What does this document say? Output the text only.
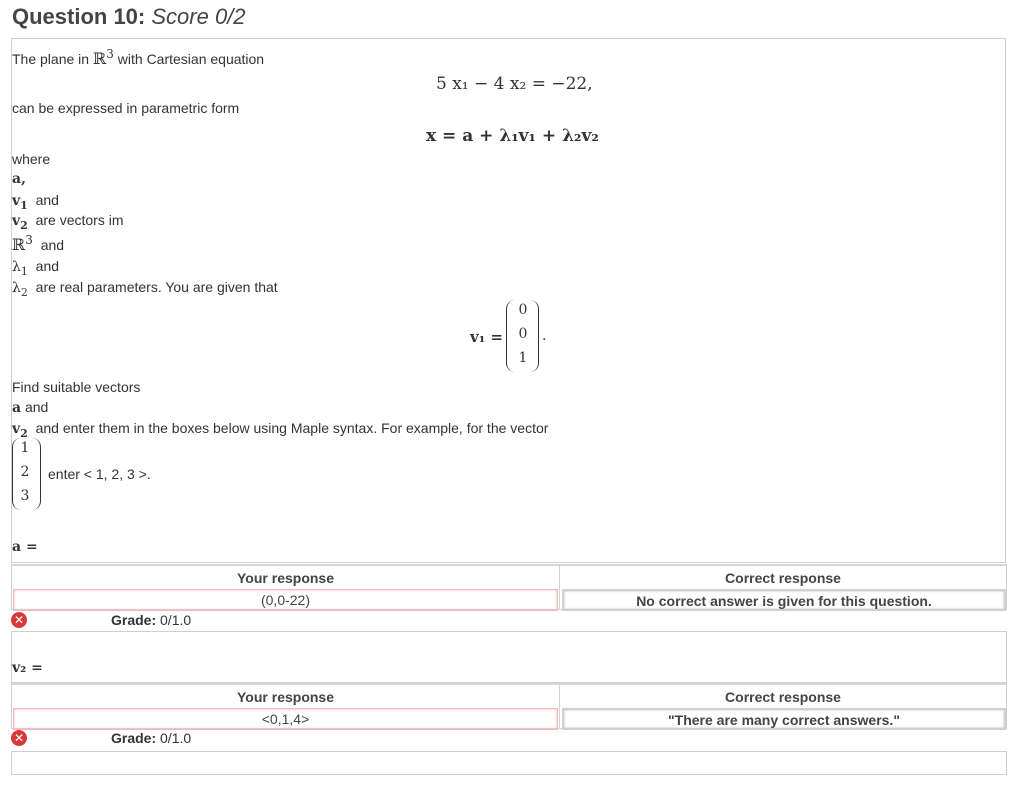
Question 10: Score 0/2
The plane in ℝ$^3$ with Cartesian equation
5 x₁ − 4 x₂ = −22,
can be expressed in parametric form
x = a + λ₁v₁ + λ₂v₂
where
a,
$v_1$ and
$v_2$ are vectors im
ℝ$^3$ and
$\lambda_1$ and
$\lambda_2$ are real parameters. You are given that
v₁ =
0
0
1
.
Find suitable vectors
a and
$v_2$ and enter them in the boxes below using Maple syntax. For example, for the vector
1
2
3
enter < 1, 2, 3 >.
a =
Your response	Correct response
(0,0-22)	No correct answer is given for this question.
✕	Grade: 0/1.0
v₂ =
Your response	Correct response
<0,1,4>	"There are many correct answers."
✕	Grade: 0/1.0
